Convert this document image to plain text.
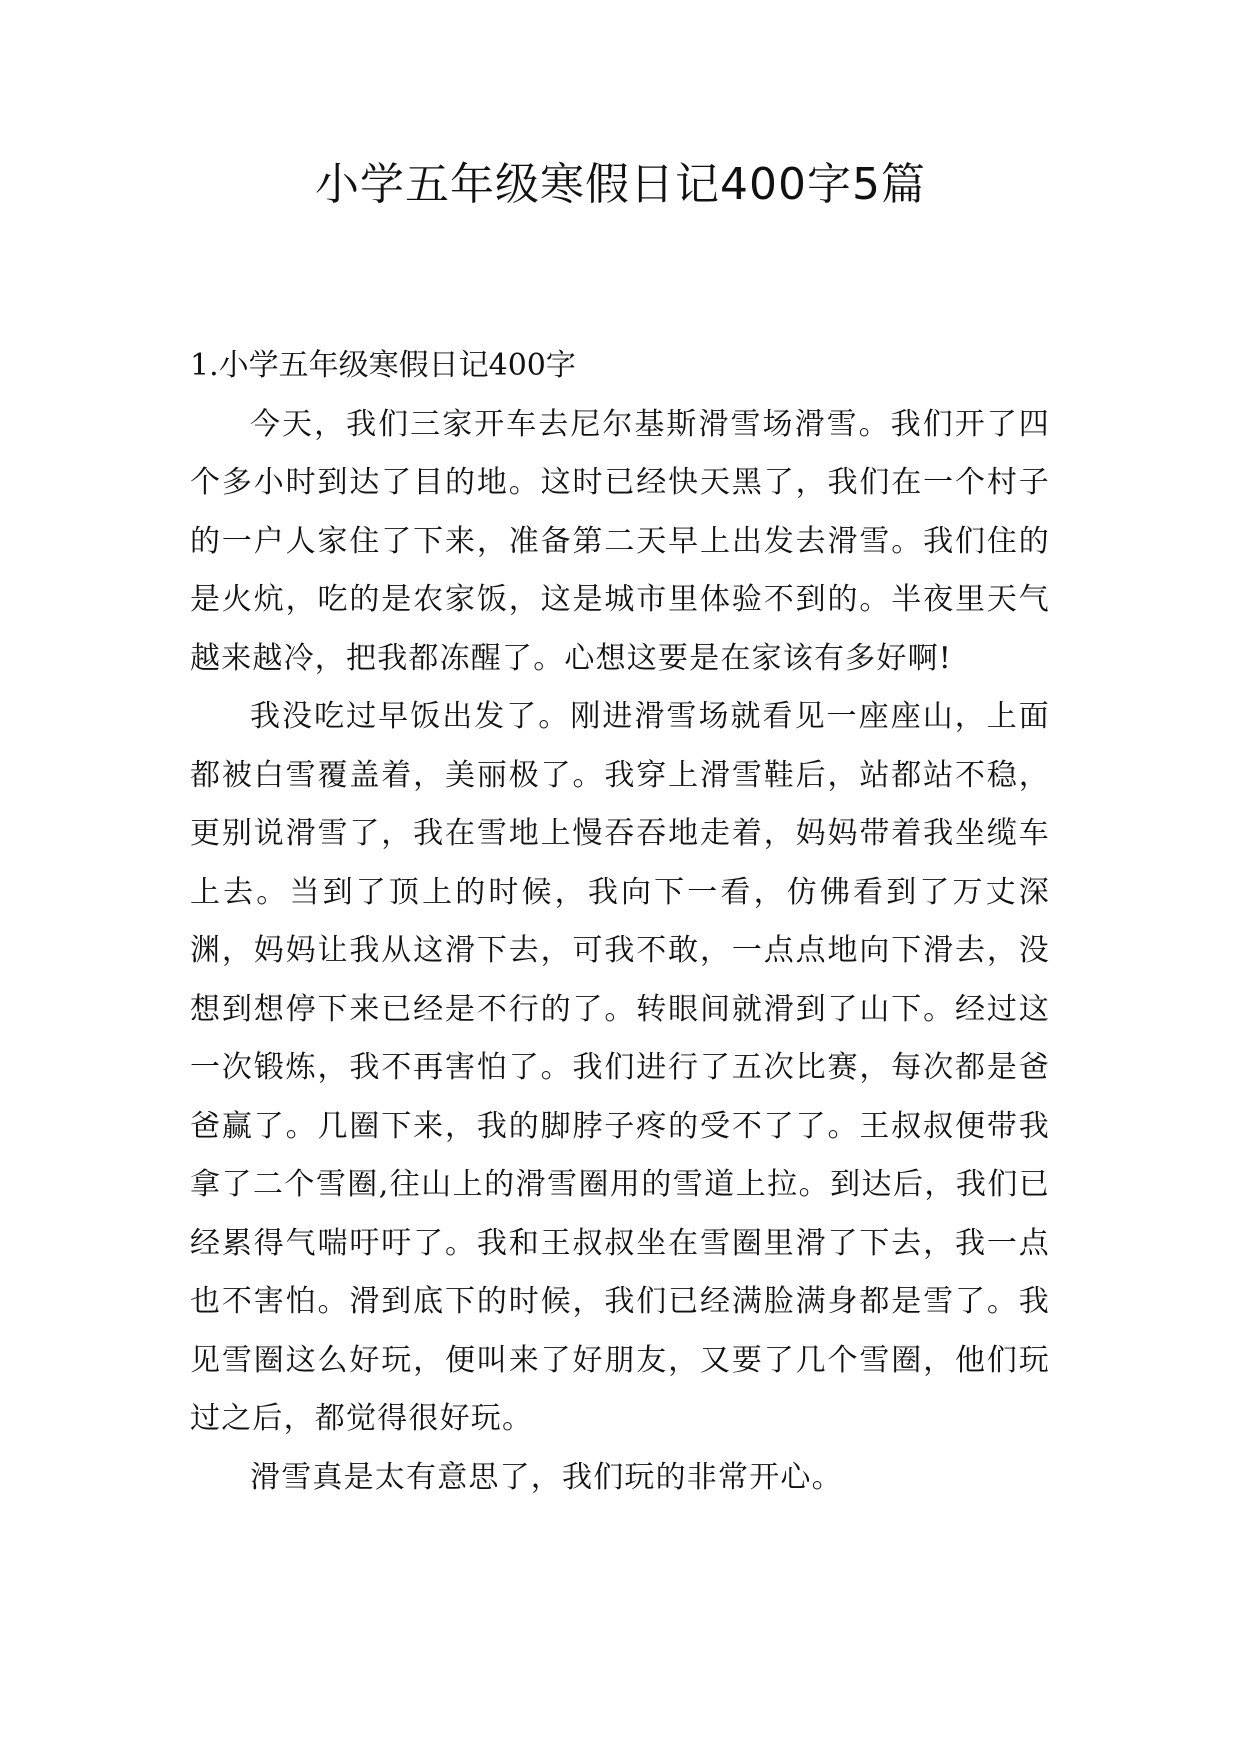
小学五年级寒假日记400字5篇
1.小学五年级寒假日记400字

今天，我们三家开车去尼尔基斯滑雪场滑雪。我们开了四个多小时到达了目的地。这时已经快天黑了，我们在一个村子的一户人家住了下来，准备第二天早上出发去滑雪。我们住的是火炕，吃的是农家饭，这是城市里体验不到的。半夜里天气越来越冷，把我都冻醒了。心想这要是在家该有多好啊!

我没吃过早饭出发了。刚进滑雪场就看见一座座山，上面都被白雪覆盖着，美丽极了。我穿上滑雪鞋后，站都站不稳，更别说滑雪了，我在雪地上慢吞吞地走着，妈妈带着我坐缆车上去。当到了顶上的时候，我向下一看，仿佛看到了万丈深渊，妈妈让我从这滑下去，可我不敢，一点点地向下滑去，没想到想停下来已经是不行的了。转眼间就滑到了山下。经过这一次锻炼，我不再害怕了。我们进行了五次比赛，每次都是爸爸赢了。几圈下来，我的脚脖子疼的受不了了。王叔叔便带我拿了二个雪圈,往山上的滑雪圈用的雪道上拉。到达后，我们已经累得气喘吁吁了。我和王叔叔坐在雪圈里滑了下去，我一点也不害怕。滑到底下的时候，我们已经满脸满身都是雪了。我见雪圈这么好玩，便叫来了好朋友，又要了几个雪圈，他们玩过之后，都觉得很好玩。

滑雪真是太有意思了，我们玩的非常开心。
